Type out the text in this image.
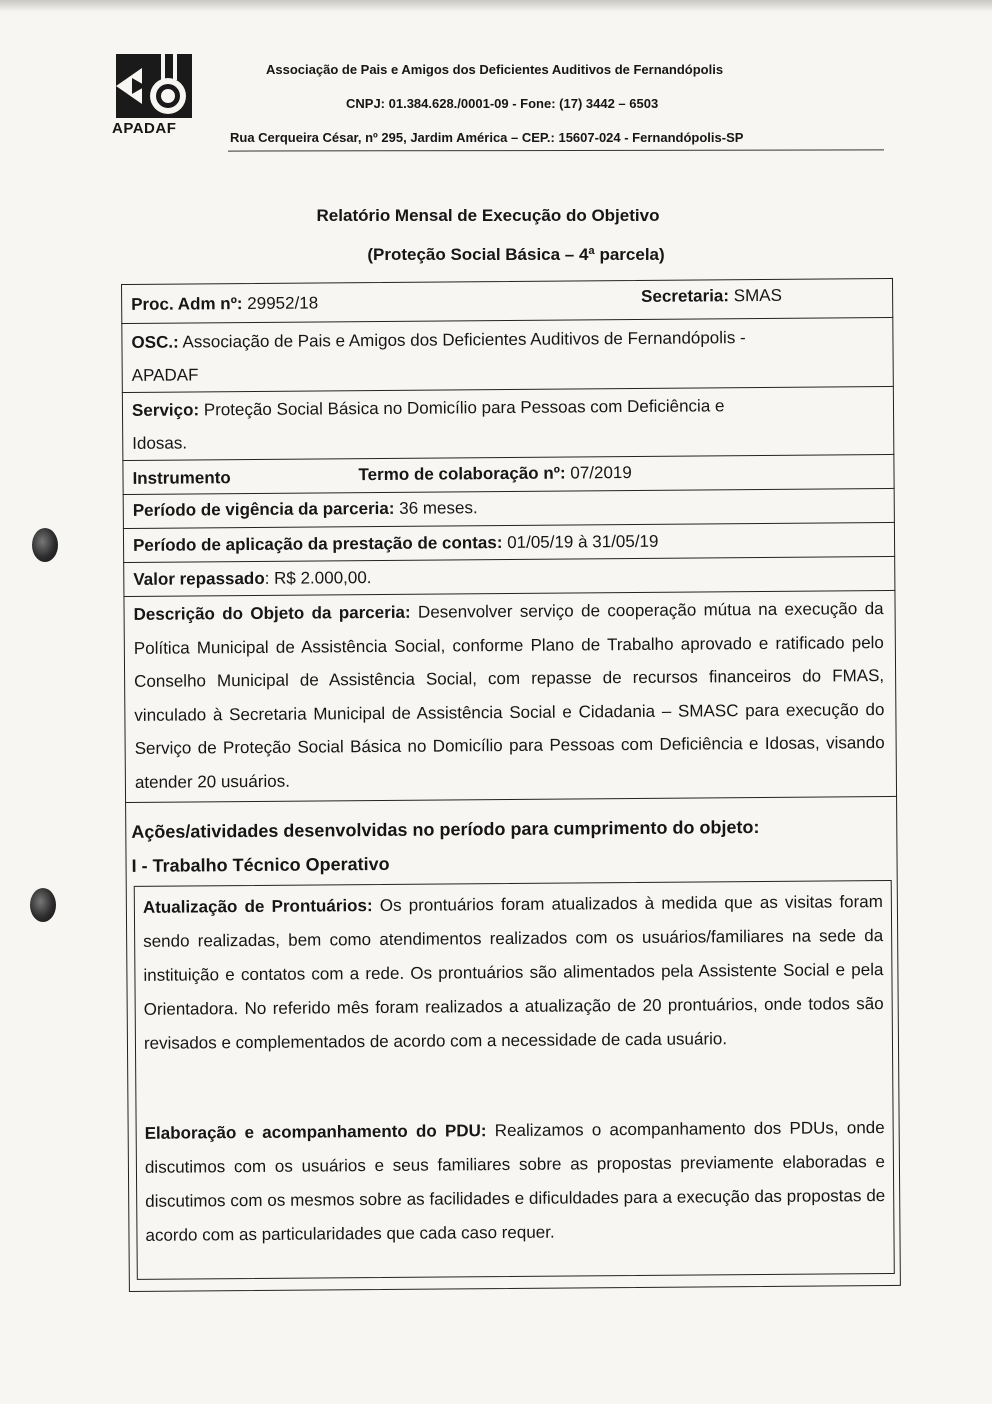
APADAF
Associação de Pais e Amigos dos Deficientes Auditivos de Fernandópolis
CNPJ: 01.384.628./0001-09 - Fone: (17) 3442 – 6503
Rua Cerqueira César, nº 295, Jardim América – CEP.: 15607-024 - Fernandópolis-SP
Relatório Mensal de Execução do Objetivo
(Proteção Social Básica – 4ª parcela)
Proc. Adm nº: 29952/18	Secretaria: SMAS
OSC.: Associação de Pais e Amigos dos Deficientes Auditivos de Fernandópolis -
APADAF
Serviço: Proteção Social Básica no Domicílio para Pessoas com Deficiência e
Idosas.
Instrumento	Termo de colaboração nº: 07/2019
Período de vigência da parceria: 36 meses.
Período de aplicação da prestação de contas: 01/05/19 à 31/05/19
Valor repassado: R$ 2.000,00.
Descrição do Objeto da parceria: Desenvolver serviço de cooperação mútua na execução da Política Municipal de Assistência Social, conforme Plano de Trabalho aprovado e ratificado pelo Conselho Municipal de Assistência Social, com repasse de recursos financeiros do FMAS, vinculado à Secretaria Municipal de Assistência Social e Cidadania – SMASC para execução do Serviço de Proteção Social Básica no Domicílio para Pessoas com Deficiência e Idosas, visando atender 20 usuários.
Ações/atividades desenvolvidas no período para cumprimento do objeto:
I - Trabalho Técnico Operativo
Atualização de Prontuários: Os prontuários foram atualizados à medida que as visitas foram sendo realizadas, bem como atendimentos realizados com os usuários/familiares na sede da instituição e contatos com a rede. Os prontuários são alimentados pela Assistente Social e pela Orientadora. No referido mês foram realizados a atualização de 20 prontuários, onde todos são revisados e complementados de acordo com a necessidade de cada usuário.
Elaboração e acompanhamento do PDU: Realizamos o acompanhamento dos PDUs, onde discutimos com os usuários e seus familiares sobre as propostas previamente elaboradas e discutimos com os mesmos sobre as facilidades e dificuldades para a execução das propostas de acordo com as particularidades que cada caso requer.
